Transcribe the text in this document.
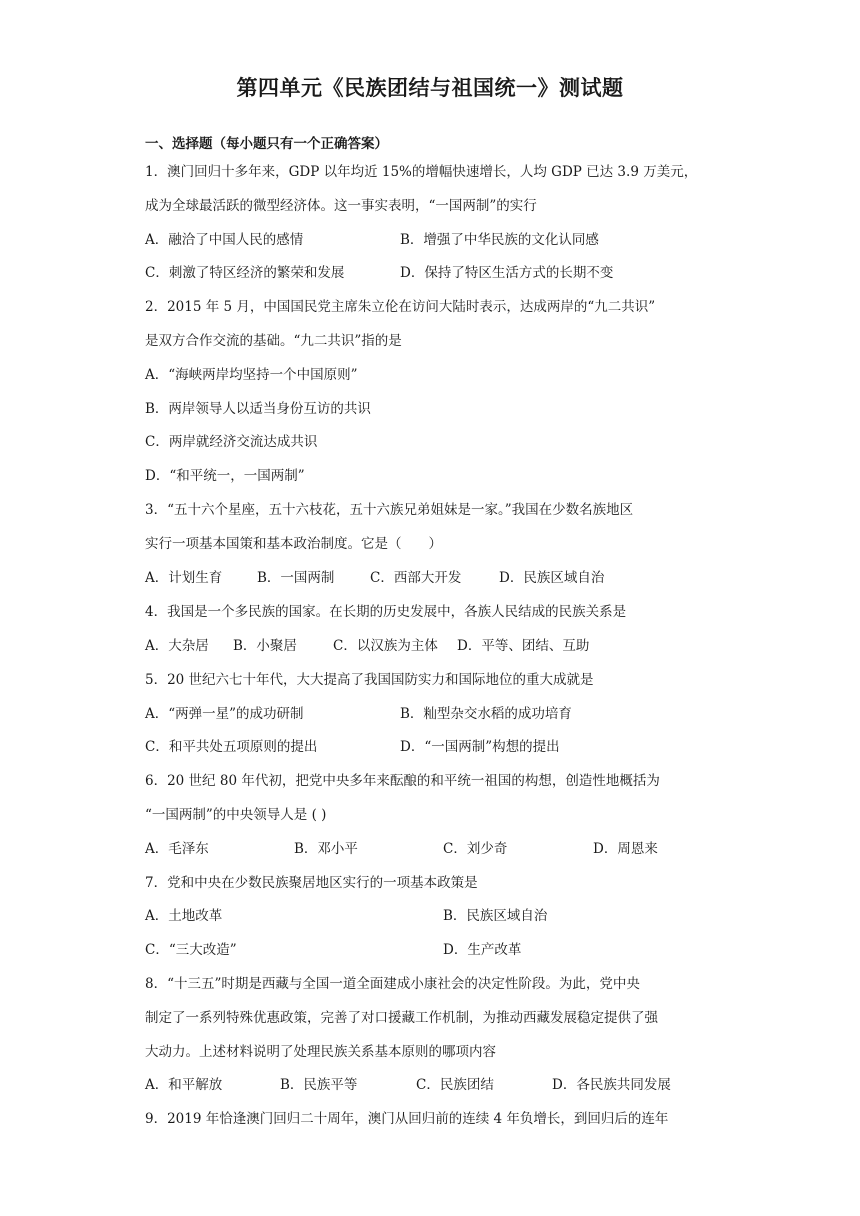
第四单元《民族团结与祖国统一》测试题
一、选择题（每小题只有一个正确答案）
1．澳门回归十多年来，GDP 以年均近 15%的增幅快速增长，人均 GDP 已达 3.9 万美元，
成为全球最活跃的微型经济体。这一事实表明，“一国两制”的实行
A．融洽了中国人民的感情	B．增强了中华民族的文化认同感
C．刺激了特区经济的繁荣和发展	D．保持了特区生活方式的长期不变
2．2015 年 5 月，中国国民党主席朱立伦在访问大陆时表示，达成两岸的“九二共识”
是双方合作交流的基础。“九二共识”指的是
A．“海峡两岸均坚持一个中国原则”
B．两岸领导人以适当身份互访的共识
C．两岸就经济交流达成共识
D．“和平统一，一国两制”
3．“五十六个星座，五十六枝花，五十六族兄弟姐妹是一家。”我国在少数名族地区
实行一项基本国策和基本政治制度。它是（　　）
A．计划生育	B．一国两制	C．西部大开发	D．民族区域自治
4．我国是一个多民族的国家。在长期的历史发展中，各族人民结成的民族关系是
A．大杂居 B．小聚居	C．以汉族为主体 D．平等、团结、互助
5．20 世纪六七十年代，大大提高了我国国防实力和国际地位的重大成就是
A．“两弹一星”的成功研制	B．籼型杂交水稻的成功培育
C．和平共处五项原则的提出	D．“一国两制”构想的提出
6．20 世纪 80 年代初，把党中央多年来酝酿的和平统一祖国的构想，创造性地概括为
“一国两制”的中央领导人是 ( )
A．毛泽东	B．邓小平	C．刘少奇	D．周恩来
7．党和中央在少数民族聚居地区实行的一项基本政策是
A．土地改革	B．民族区域自治
C．“三大改造”	D．生产改革
8．“十三五”时期是西藏与全国一道全面建成小康社会的决定性阶段。为此，党中央
制定了一系列特殊优惠政策，完善了对口援藏工作机制，为推动西藏发展稳定提供了强
大动力。上述材料说明了处理民族关系基本原则的哪项内容
A．和平解放	B．民族平等	C．民族团结	D．各民族共同发展
9．2019 年恰逢澳门回归二十周年，澳门从回归前的连续 4 年负增长，到回归后的连年
